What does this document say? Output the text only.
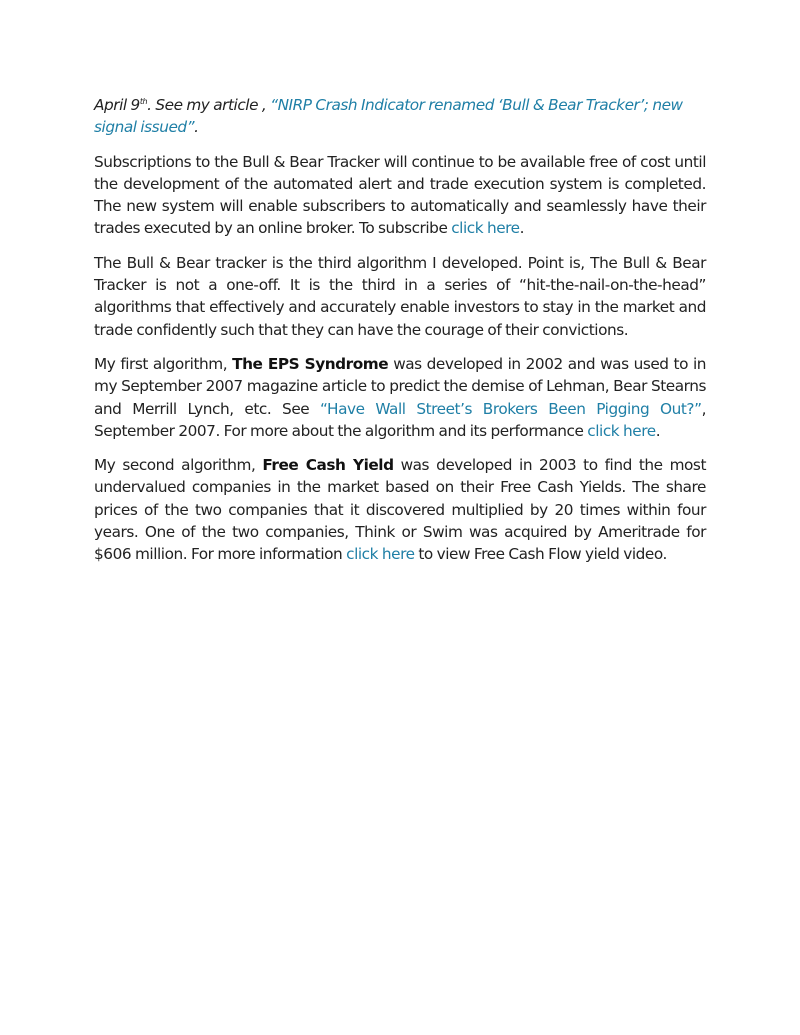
April 9th. See my article , “NIRP Crash Indicator renamed ‘Bull & Bear Tracker’; new signal issued”.

Subscriptions to the Bull & Bear Tracker will continue to be available free of cost until the development of the automated alert and trade execution system is completed. The new system will enable subscribers to automatically and seamlessly have their trades executed by an online broker. To subscribe click here.

The Bull & Bear tracker is the third algorithm I developed. Point is, The Bull & Bear Tracker is not a one-off. It is the third in a series of “hit-the-nail-on-the-head” algorithms that effectively and accurately enable investors to stay in the market and trade confidently such that they can have the courage of their convictions.

My first algorithm, The EPS Syndrome was developed in 2002 and was used to in my September 2007 magazine article to predict the demise of Lehman, Bear Stearns and Merrill Lynch, etc. See “Have Wall Street’s Brokers Been Pigging Out?”, September 2007. For more about the algorithm and its performance click here.

My second algorithm, Free Cash Yield was developed in 2003 to find the most undervalued companies in the market based on their Free Cash Yields. The share prices of the two companies that it discovered multiplied by 20 times within four years. One of the two companies, Think or Swim was acquired by Ameritrade for $606 million. For more information click here to view Free Cash Flow yield video.
